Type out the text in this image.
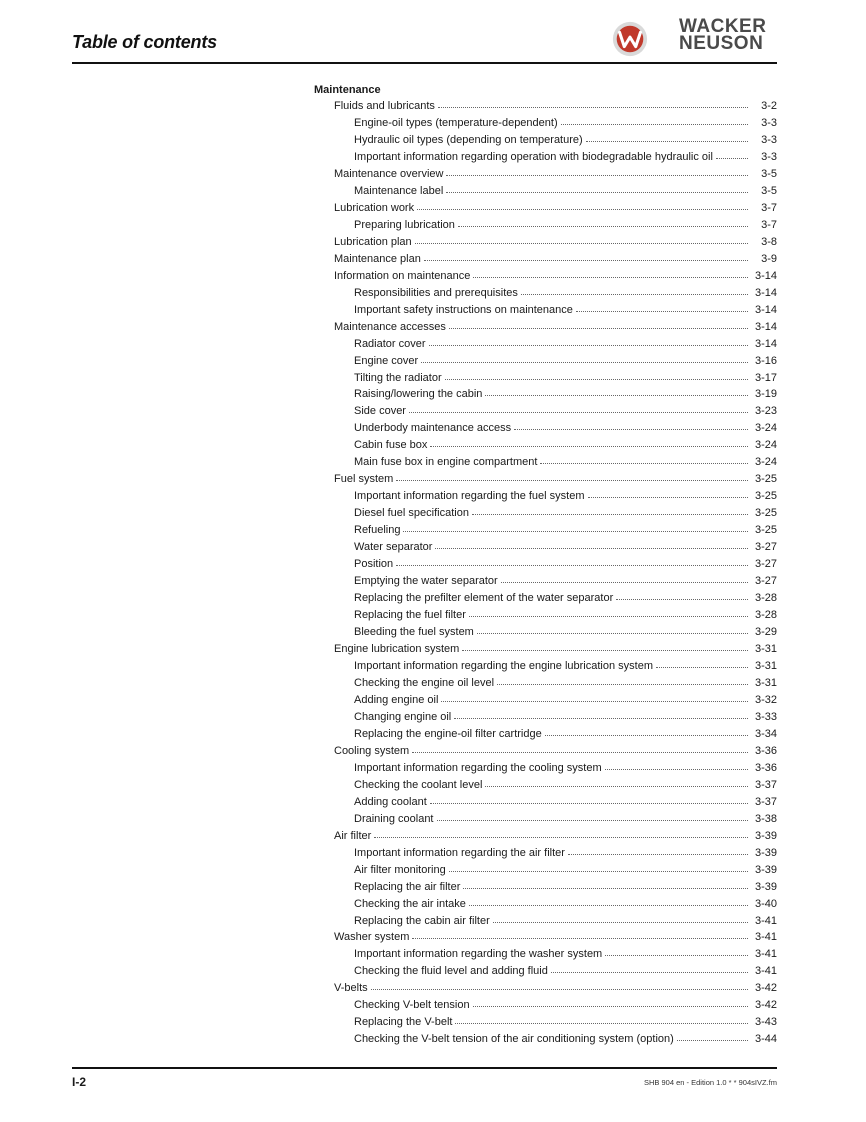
Table of contents
WACKER
NEUSON
Maintenance
Fluids and lubricants	3-2
Engine-oil types (temperature-dependent)	3-3
Hydraulic oil types (depending on temperature)	3-3
Important information regarding operation with biodegradable hydraulic oil	3-3
Maintenance overview	3-5
Maintenance label	3-5
Lubrication work	3-7
Preparing lubrication	3-7
Lubrication plan	3-8
Maintenance plan	3-9
Information on maintenance	3-14
Responsibilities and prerequisites	3-14
Important safety instructions on maintenance	3-14
Maintenance accesses	3-14
Radiator cover	3-14
Engine cover	3-16
Tilting the radiator	3-17
Raising/lowering the cabin	3-19
Side cover	3-23
Underbody maintenance access	3-24
Cabin fuse box	3-24
Main fuse box in engine compartment	3-24
Fuel system	3-25
Important information regarding the fuel system	3-25
Diesel fuel specification	3-25
Refueling	3-25
Water separator	3-27
Position	3-27
Emptying the water separator	3-27
Replacing the prefilter element of the water separator	3-28
Replacing the fuel filter	3-28
Bleeding the fuel system	3-29
Engine lubrication system	3-31
Important information regarding the engine lubrication system	3-31
Checking the engine oil level	3-31
Adding engine oil	3-32
Changing engine oil	3-33
Replacing the engine-oil filter cartridge	3-34
Cooling system	3-36
Important information regarding the cooling system	3-36
Checking the coolant level	3-37
Adding coolant	3-37
Draining coolant	3-38
Air filter	3-39
Important information regarding the air filter	3-39
Air filter monitoring	3-39
Replacing the air filter	3-39
Checking the air intake	3-40
Replacing the cabin air filter	3-41
Washer system	3-41
Important information regarding the washer system	3-41
Checking the fluid level and adding fluid	3-41
V-belts	3-42
Checking V-belt tension	3-42
Replacing the V-belt	3-43
Checking the V-belt tension of the air conditioning system (option)	3-44
I-2	SHB 904 en - Edition 1.0 * * 904sIVZ.fm
